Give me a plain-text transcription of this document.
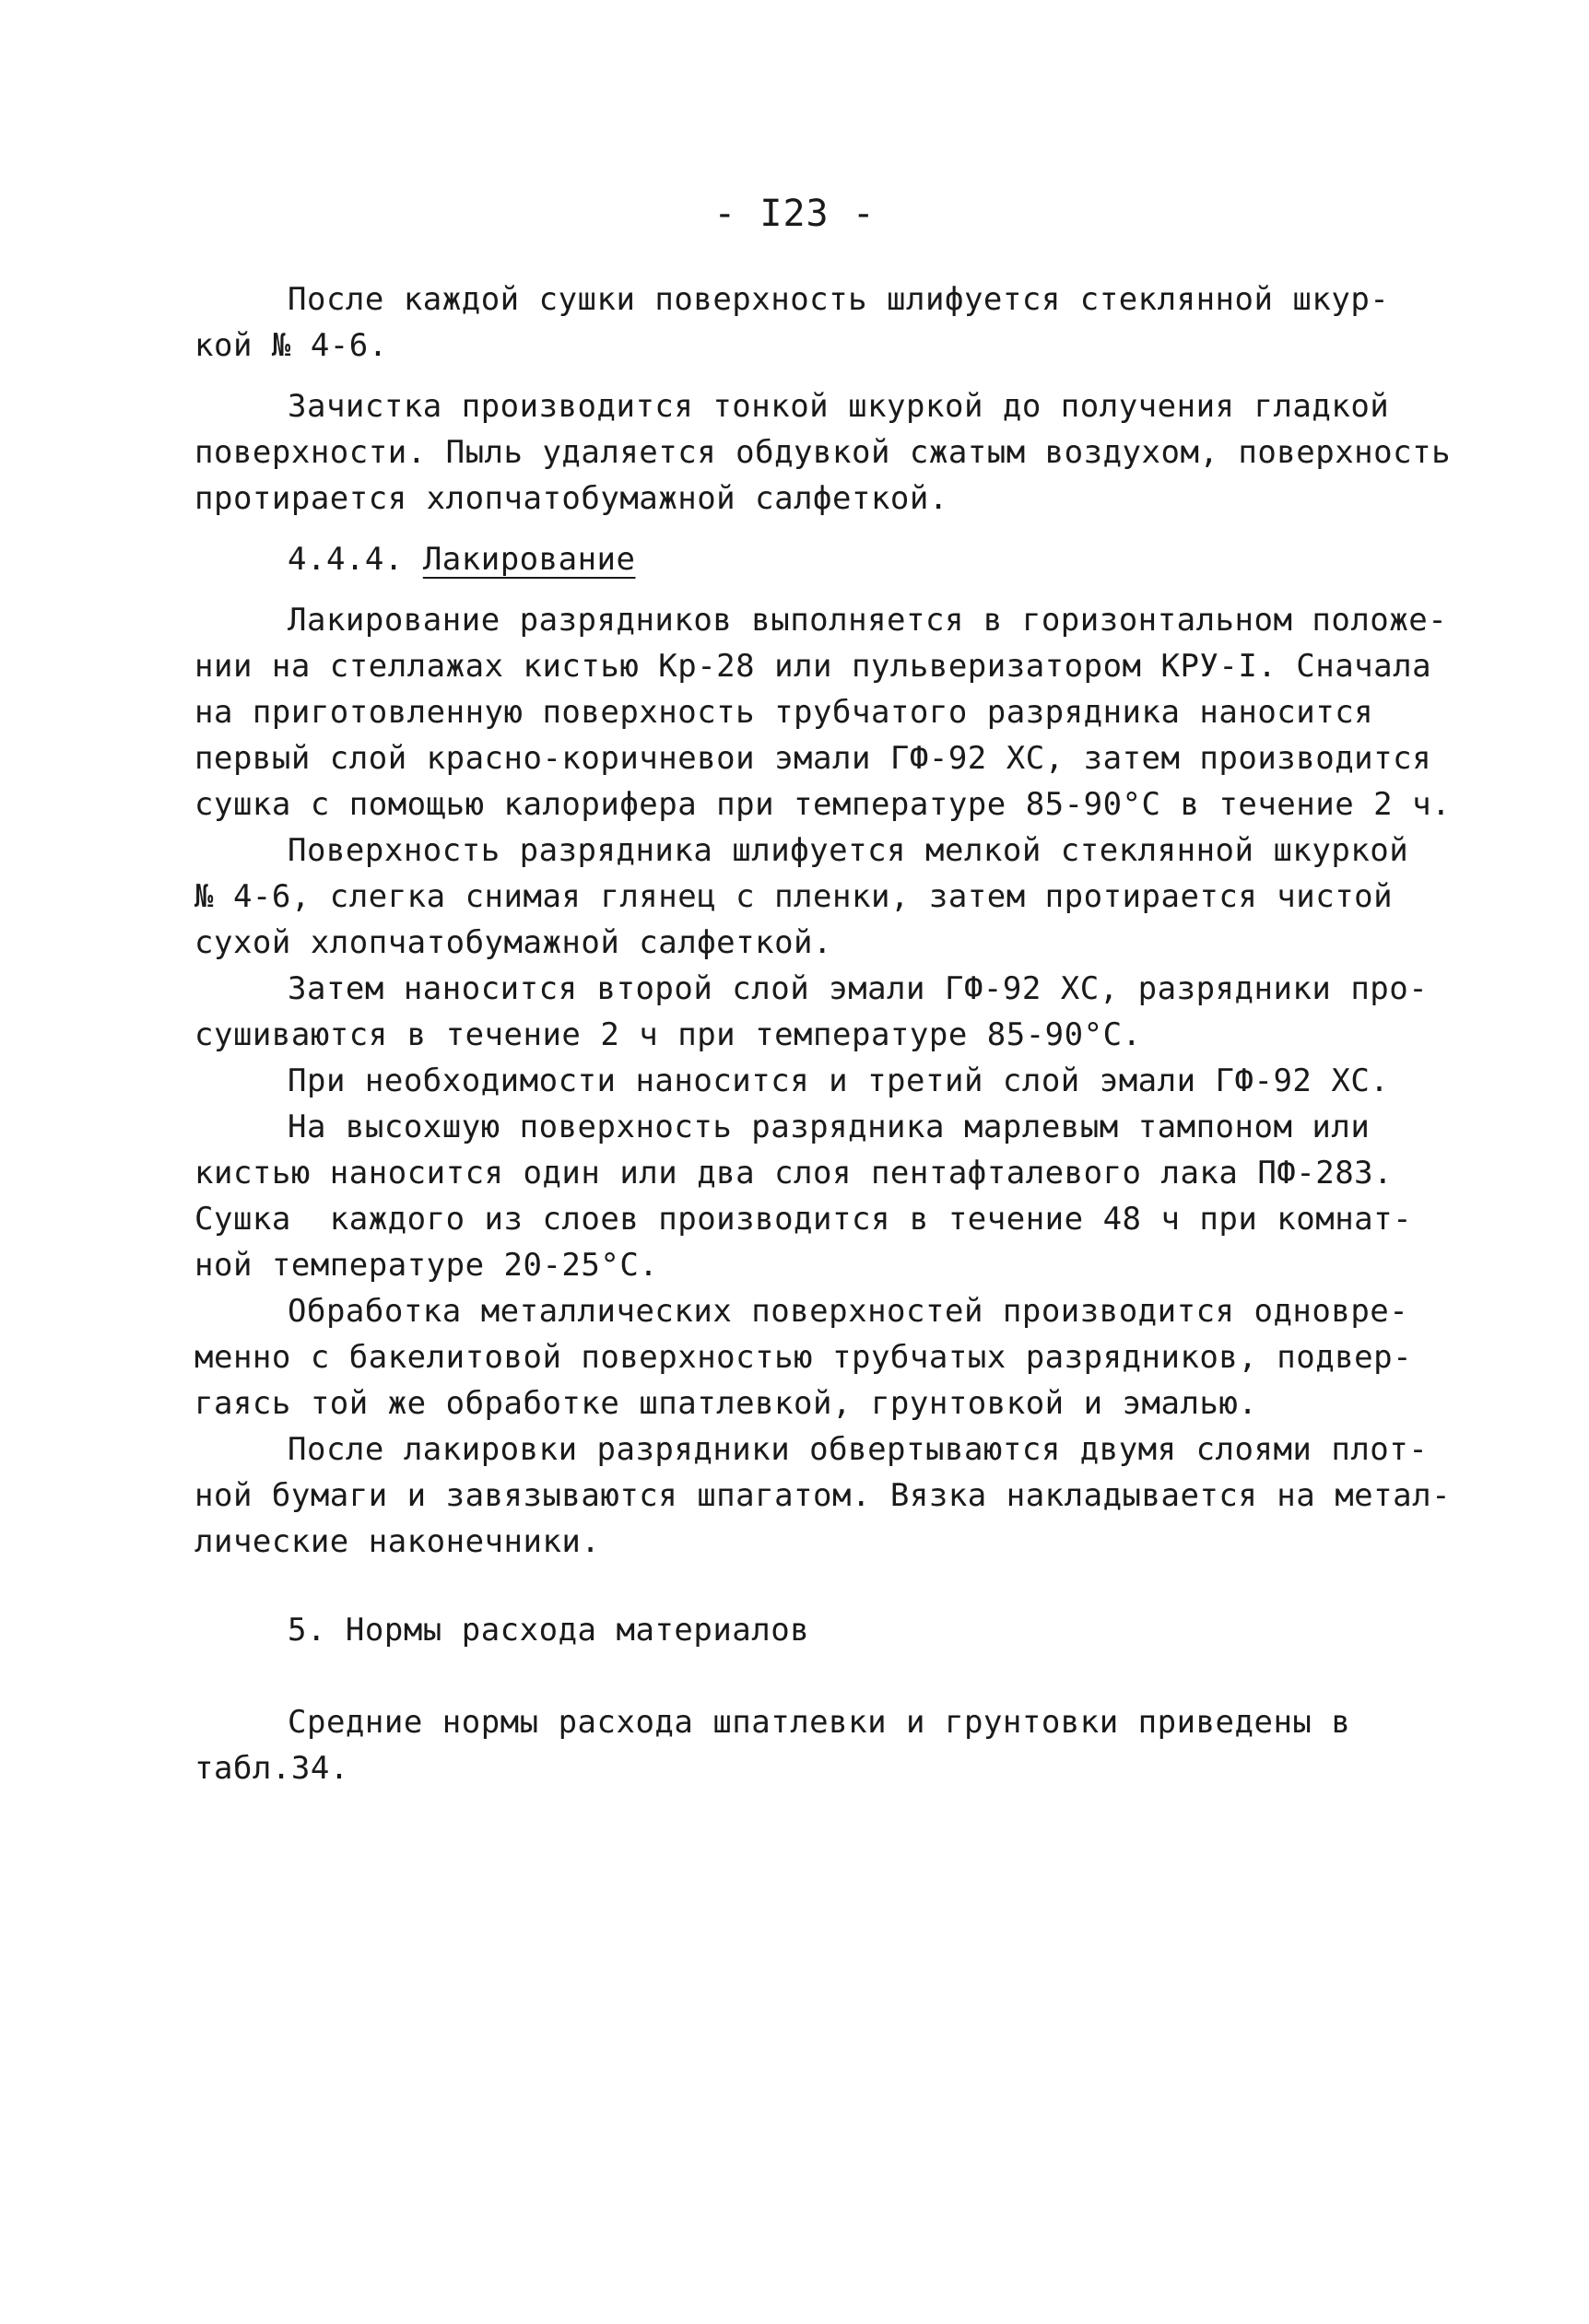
- I23 -
После каждой сушки поверхность шлифуется стеклянной шкур-
кой № 4-6.
Зачистка производится тонкой шкуркой до получения гладкой
поверхности. Пыль удаляется обдувкой сжатым воздухом, поверхность
протирается хлопчатобумажной салфеткой.
4.4.4. Лакирование
Лакирование разрядников выполняется в горизонтальном положе-
нии на стеллажах кистью Кр-28 или пульверизатором КРУ-I. Сначала
на приготовленную поверхность трубчатого разрядника наносится
первый слой красно-коричневои эмали ГФ-92 ХС, затем производится
сушка с помощью калорифера при температуре 85-90°С в течение 2 ч.
Поверхность разрядника шлифуется мелкой стеклянной шкуркой
№ 4-6, слегка снимая глянец с пленки, затем протирается чистой
сухой хлопчатобумажной салфеткой.
Затем наносится второй слой эмали ГФ-92 ХС, разрядники про-
сушиваются в течение 2 ч при температуре 85-90°С.
При необходимости наносится и третий слой эмали ГФ-92 ХС.
На высохшую поверхность разрядника марлевым тампоном или
кистью наносится один или два слоя пентафталевого лака ПФ-283.
Сушка  каждого из слоев производится в течение 48 ч при комнат-
ной температуре 20-25°С.
Обработка металлических поверхностей производится одновре-
менно с бакелитовой поверхностью трубчатых разрядников, подвер-
гаясь той же обработке шпатлевкой, грунтовкой и эмалью.
После лакировки разрядники обвертываются двумя слоями плот-
ной бумаги и завязываются шпагатом. Вязка накладывается на метал-
лические наконечники.
5. Нормы расхода материалов
Средние нормы расхода шпатлевки и грунтовки приведены в
табл.34.
